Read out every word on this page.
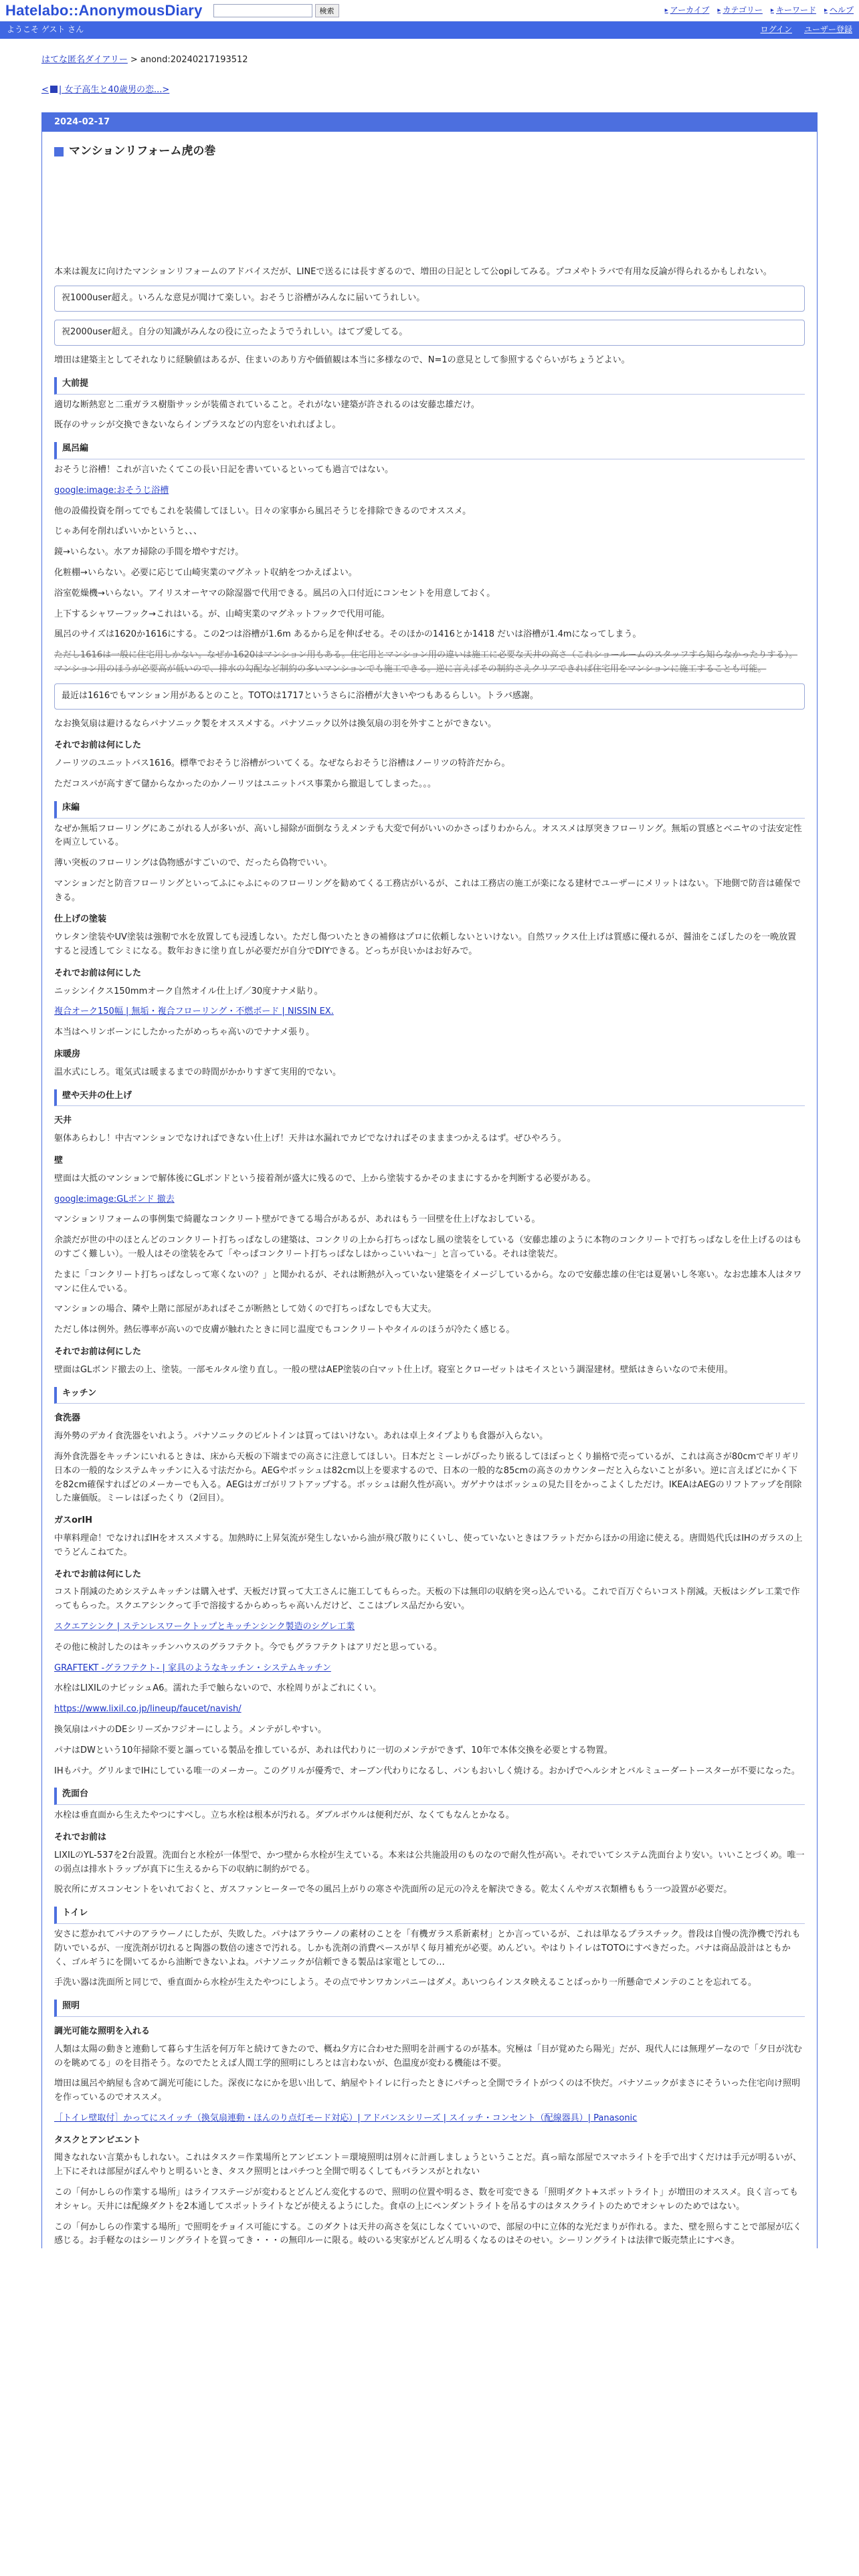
Hatelabo::AnonymousDiary	検索	▸ アーカイブ ▸ カテゴリー ▸ キーワード ▸ ヘルプ
ようこそ ゲスト さん	ログイン ユーザー登録
はてな匿名ダイアリー > anond:20240217193512
< | 女子高生と40歳男の恋...>
2024-02-17
マンションリフォーム虎の巻

本来は親友に向けたマンションリフォームのアドバイスだが、LINEで送るには長すぎるので、増田の日記として公opiしてみる。プコメやトラバで有用な反論が得られるかもしれない。

祝1000user超え。いろんな意見が聞けて楽しい。おそうじ浴槽がみんなに届いてうれしい。
祝2000user超え。自分の知識がみんなの役に立ったようでうれしい。はてブ愛してる。

増田は建築主としてそれなりに経験値はあるが、住まいのあり方や価値観は本当に多様なので、N=1の意見として参照するぐらいがちょうどよい。

大前提

適切な断熱窓と二重ガラス樹脂サッシが装備されていること。それがない建築が許されるのは安藤忠雄だけ。

既存のサッシが交換できないならインプラスなどの内窓をいれればよし。

風呂編

おそうじ浴槽！これが言いたくてこの長い日記を書いているといっても過言ではない。

google:image:おそうじ浴槽

他の設備投資を削ってでもこれを装備してほしい。日々の家事から風呂そうじを排除できるのでオススメ。

じゃあ何を削ればいいかというと、、、

鏡→いらない。水アカ掃除の手間を増やすだけ。

化粧棚→いらない。必要に応じて山崎実業のマグネット収納をつかえばよい。

浴室乾燥機→いらない。アイリスオーヤマの除湿器で代用できる。風呂の入口付近にコンセントを用意しておく。

上下するシャワーフック→これはいる。が、山崎実業のマグネットフックで代用可能。

風呂のサイズは1620か1616にする。この2つは浴槽が1.6m あるから足を伸ばせる。そのほかの1416とか1418 だいは浴槽が1.4mになってしまう。

ただし1616は一般に住宅用しかない。なぜか1620はマンション用もある。住宅用とマンション用の違いは施工に必要な天井の高さ（これショールームのスタッフすら知らなかったりする）。マンション用のほうが必要高が低いので、排水の勾配など制約の多いマンションでも施工できる。逆に言えばその制約さえクリアできれば住宅用をマンションに施工することも可能。

最近は1616でもマンション用があるとのこと。TOTOは1717というさらに浴槽が大きいやつもあるらしい。トラバ感謝。

なお換気扇は避けるならパナソニック製をオススメする。パナソニック以外は換気扇の羽を外すことができない。

それでお前は何にした

ノーリツのユニットバス1616。標準でおそうじ浴槽がついてくる。なぜならおそうじ浴槽はノーリツの特許だから。

ただコスパが高すぎて儲からなかったのかノーリツはユニットバス事業から撤退してしまった。。。

床編

なぜか無垢フローリングにあこがれる人が多いが、高いし掃除が面倒なうえメンテも大変で何がいいのかさっぱりわからん。オススメは厚突きフローリング。無垢の質感とベニヤの寸法安定性を両立している。

薄い突板のフローリングは偽物感がすごいので、だったら偽物でいい。

マンションだと防音フローリングといってふにゃふにゃのフローリングを勧めてくる工務店がいるが、これは工務店の施工が楽になる建材でユーザーにメリットはない。下地側で防音は確保できる。

仕上げの塗装

ウレタン塗装やUV塗装は強靭で水を放置しても浸透しない。ただし傷ついたときの補修はプロに依頼しないといけない。自然ワックス仕上げは質感に優れるが、醤油をこぼしたのを一晩放置すると浸透してシミになる。数年おきに塗り直しが必要だが自分でDIYできる。どっちが良いかはお好みで。

それでお前は何にした

ニッシンイクス150mmオーク自然オイル仕上げ／30度ナナメ貼り。

複合オーク150幅 | 無垢・複合フローリング・不燃ボード | NISSIN EX.

本当はヘリンボーンにしたかったがめっちゃ高いのでナナメ張り。

床暖房

温水式にしろ。電気式は暖まるまでの時間がかかりすぎて実用的でない。

壁や天井の仕上げ
天井

躯体あらわし！中古マンションでなければできない仕上げ！天井は水漏れでカビでなければそのまままつかえるはず。ぜひやろう。

壁

壁面は大抵のマンションで解体後にGLボンドという接着剤が盛大に残るので、上から塗装するかそのままにするかを判断する必要がある。

google:image:GLボンド 撤去

マンションリフォームの事例集で綺麗なコンクリート壁ができてる場合があるが、あれはもう一回壁を仕上げなおしている。

余談だが世の中のほとんどのコンクリート打ちっぱなしの建築は、コンクリの上から打ちっぱなし風の塗装をしている（安藤忠雄のように本物のコンクリートで打ちっぱなしを仕上げるのはものすごく難しい）。一般人はその塗装をみて「やっぱコンクリート打ちっぱなしはかっこいいね～」と言っている。それは塗装だ。

たまに「コンクリート打ちっぱなしって寒くないの？」と聞かれるが、それは断熱が入っていない建築をイメージしているから。なので安藤忠雄の住宅は夏暑いし冬寒い。なお忠雄本人はタワマンに住んでいる。

マンションの場合、隣や上階に部屋があればそこが断熱として効くので打ちっぱなしでも大丈夫。

ただし体は例外。熱伝導率が高いので皮膚が触れたときに同じ温度でもコンクリートやタイルのほうが冷たく感じる。

それでお前は何にした

壁面はGLボンド撤去の上、塗装。一部モルタル塗り直し。一般の壁はAEP塗装の白マット仕上げ。寝室とクローゼットはモイスという調湿建材。壁紙はきらいなので未使用。

キッチン
食洗器

海外勢のデカイ食洗器をいれよう。パナソニックのビルトインは買ってはいけない。あれは卓上タイプよりも食器が入らない。

海外食洗器をキッチンにいれるときは、床から天板の下端までの高さに注意してほしい。日本だとミーレがぴったり嵌るしてほぼっとくり揃格で売っているが、これは高さが80cmでギリギリ日本の一般的なシステムキッチンに入る寸法だから。AEGやボッシュは82cm以上を要求するので、日本の一般的な85cmの高さのカウンターだと入らないことが多い。逆に言えばどにかく下を82cm確保すればどのメーカーでも入る。AEGはガゴがリフトアップする。ボッシュは耐久性が高い。ガゲナウはボッシュの見た目をかっこよくしただけ。IKEAはAEGのリフトアップを削除した廉価版。ミーレはぼったくり（2回目）。

ガスorIH

中華料理命！でなければIHをオススメする。加熱時に上昇気流が発生しないから油が飛び散りにくいし、使っていないときはフラットだからほかの用途に使える。唐間処代氏はIHのガラスの上でうどんこねてた。

それでお前は何にした

コスト削減のためシステムキッチンは購入せず、天板だけ買って大工さんに施工してもらった。天板の下は無印の収納を突っ込んでいる。これで百万ぐらいコスト削減。天板はシグレ工業で作ってもらった。スクエアシンクって手で溶接するからめっちゃ高いんだけど、ここはプレス品だから安い。

スクエアシンク | ステンレスワークトップとキッチンシンク製造のシグレ工業

その他に検討したのはキッチンハウスのグラフテクト。今でもグラフテクトはアリだと思っている。

GRAFTEKT -グラフテクト- | 家具のようなキッチン・システムキッチン

水栓はLIXILのナビッシュA6。濡れた手で触らないので、水栓周りがよごれにくい。

https://www.lixil.co.jp/lineup/faucet/navish/

換気扇はパナのDEシリーズかフジオーにしよう。メンテがしやすい。

パナはDWという10年掃除不要と謳っている製品を推しているが、あれは代わりに一切のメンテができず、10年で本体交換を必要とする物置。

IHもパナ。グリルまでIHにしている唯一のメーカー。このグリルが優秀で、オーブン代わりになるし、パンもおいしく焼ける。おかげでヘルシオとバルミューダートースターが不要になった。

洗面台

水栓は垂直面から生えたやつにすべし。立ち水栓は根本が汚れる。ダブルボウルは便利だが、なくてもなんとかなる。

それでお前は

LIXILのYL-537を2台設置。洗面台と水栓が一体型で、かつ壁から水栓が生えている。本来は公共施設用のものなので耐久性が高い。それでいてシステム洗面台より安い。いいことづくめ。唯一の弱点は排水トラップが真下に生えるから下の収納に制約がでる。

脱衣所にガスコンセントをいれておくと、ガスファンヒーターで冬の風呂上がりの寒さや洗面所の足元の冷えを解決できる。乾太くんやガス衣類槽ももう一つ設置が必要だ。

トイレ

安さに惹かれてパナのアラウーノにしたが、失敗した。パナはアラウーノの素材のことを「有機ガラス系新素材」とか言っているが、これは単なるプラスチック。普段は自慢の洗浄機で汚れも防いでいるが、一度洗剤が切れると陶器の数倍の速さで汚れる。しかも洗剤の消費ペースが早く毎月補充が必要。めんどい。やはりトイレはTOTOにすべきだった。パナは商品設計はともかく、ゴルギうにを開いてるから油断できないよね。パナソニックが信頼できる製品は家電としての…

手洗い器は洗面所と同じで、垂直面から水栓が生えたやつにしよう。その点でサンワカンパニーはダメ。あいつらインスタ映えることばっかり一所懸命でメンテのことを忘れてる。

照明
調光可能な照明を入れる

人類は太陽の動きと連動して暮らす生活を何万年と続けてきたので、概ね夕方に合わせた照明を計画するのが基本。究極は「目が覚めたら陽光」だが、現代人には無理ゲーなので「夕日が沈むのを眺めてる」のを目指そう。なのでたとえば人間工学的照明にしろとは言わないが、色温度が変わる機能は不要。

増田は風呂や納屋も含めて調光可能にした。深夜になにかを思い出して、納屋やトイレに行ったときにパチっと全開でライトがつくのは不快だ。パナソニックがまさにそういった住宅向け照明を作っているのでオススメ。

［トイレ壁取付］かってにスイッチ（換気扇連動・ほんのり点灯モード対応）| アドバンスシリーズ | スイッチ・コンセント（配線器具）| Panasonic

タスクとアンビエント

聞きなれない言葉かもしれない。これはタスク＝作業場所とアンビエント＝環境照明は別々に計画しましょうということだ。真っ暗な部屋でスマホライトを手で出すくだけは手元が明るいが、上下にそれは部屋がぼんやりと明るいとき、タスク照明とはパチつと全開で明るくしてもバランスがとれない

この「何かしらの作業する場所」はライフステージが変わるとどんどん変化するので、照明の位置や明るさ、数を可変できる「照明ダクト+スポットライト」が増田のオススメ。良く言ってもオシャレ。天井には配線ダクトを2本通してスポットライトなどが使えるようにした。食卓の上にペンダントライトを吊るすのはタスクライトのためでオシャレのためではない。

この「何かしらの作業する場所」で照明をチョイス可能にする。このダクトは天井の高さを気にしなくていいので、部屋の中に立体的な光だまりが作れる。また、壁を照らすことで部屋が広く感じる。お手軽なのはシーリングライトを買ってき・・・の無印ルーに限る。岐のいる実家がどんどん明るくなるのはそのせい。シーリングライトは法律で販売禁止にすべき。
